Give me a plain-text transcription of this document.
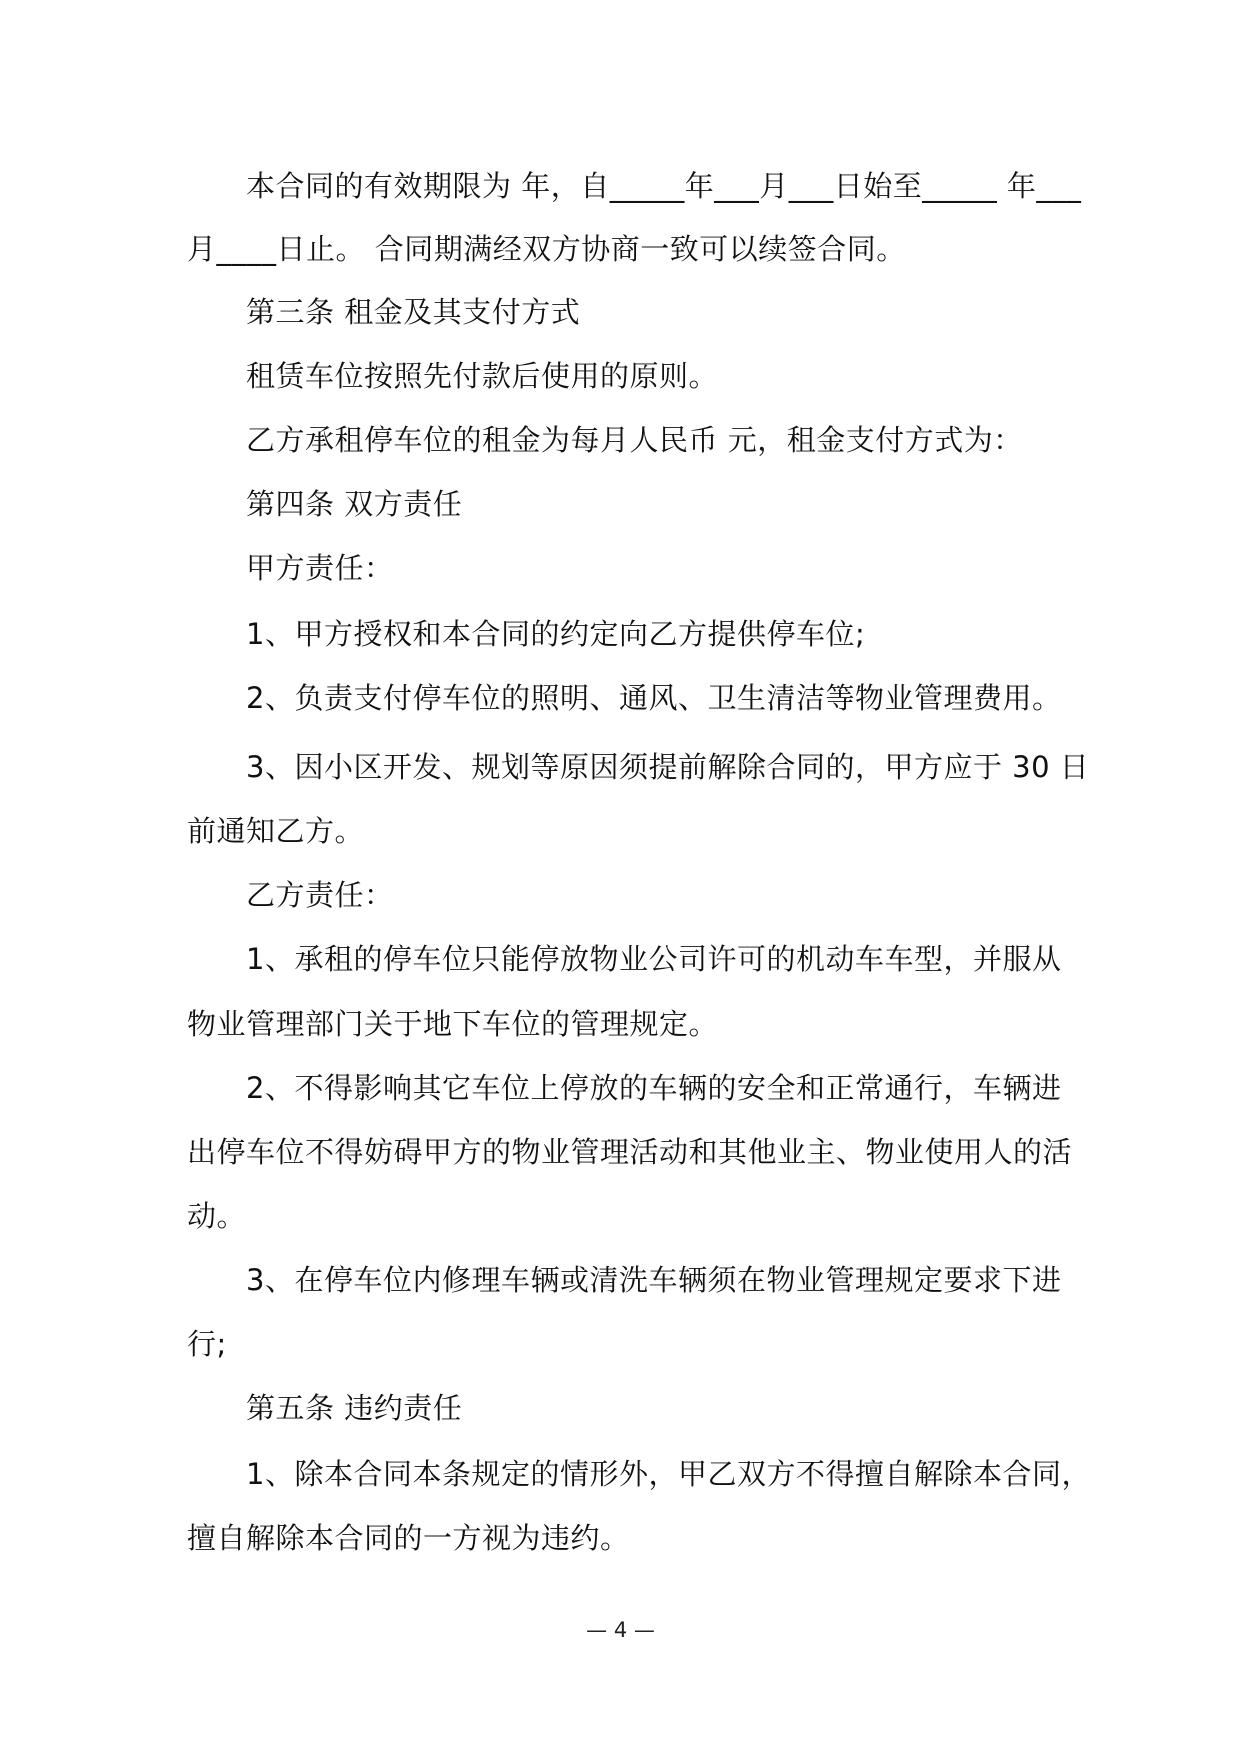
本合同的有效期限为 年，自_____年___月___日始至_____ 年___
月____日止。 合同期满经双方协商一致可以续签合同。
第三条 租金及其支付方式
租赁车位按照先付款后使用的原则。
乙方承租停车位的租金为每月人民币 元，租金支付方式为：
第四条 双方责任
甲方责任：
1、甲方授权和本合同的约定向乙方提供停车位;
2、负责支付停车位的照明、通风、卫生清洁等物业管理费用。
3、因小区开发、规划等原因须提前解除合同的，甲方应于 30 日
前通知乙方。
乙方责任：
1、承租的停车位只能停放物业公司许可的机动车车型，并服从
物业管理部门关于地下车位的管理规定。
2、不得影响其它车位上停放的车辆的安全和正常通行，车辆进
出停车位不得妨碍甲方的物业管理活动和其他业主、物业使用人的活
动。
3、在停车位内修理车辆或清洗车辆须在物业管理规定要求下进
行;
第五条 违约责任
1、除本合同本条规定的情形外，甲乙双方不得擅自解除本合同，
擅自解除本合同的一方视为违约。
— 4 —
